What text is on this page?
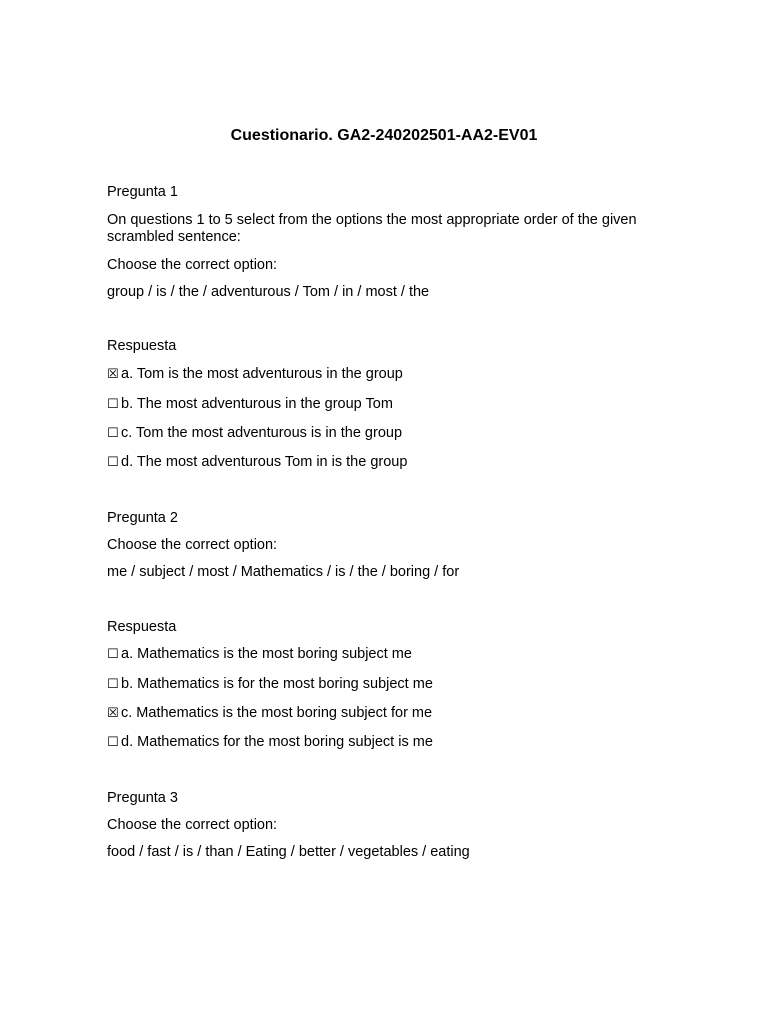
Cuestionario. GA2-240202501-AA2-EV01
Pregunta 1
On questions 1 to 5 select from the options the most appropriate order of the given scrambled sentence:
Choose the correct option:
group / is / the / adventurous / Tom / in / most / the
Respuesta
☒ a. Tom is the most adventurous in the group
☐ b. The most adventurous in the group Tom
☐ c. Tom the most adventurous is in the group
☐ d. The most adventurous Tom in is the group
Pregunta 2
Choose the correct option:
me / subject / most / Mathematics / is / the / boring / for
Respuesta
☐ a. Mathematics is the most boring subject me
☐ b. Mathematics is for the most boring subject me
☒ c. Mathematics is the most boring subject for me
☐ d. Mathematics for the most boring subject is me
Pregunta 3
Choose the correct option:
food / fast / is / than / Eating / better / vegetables / eating
